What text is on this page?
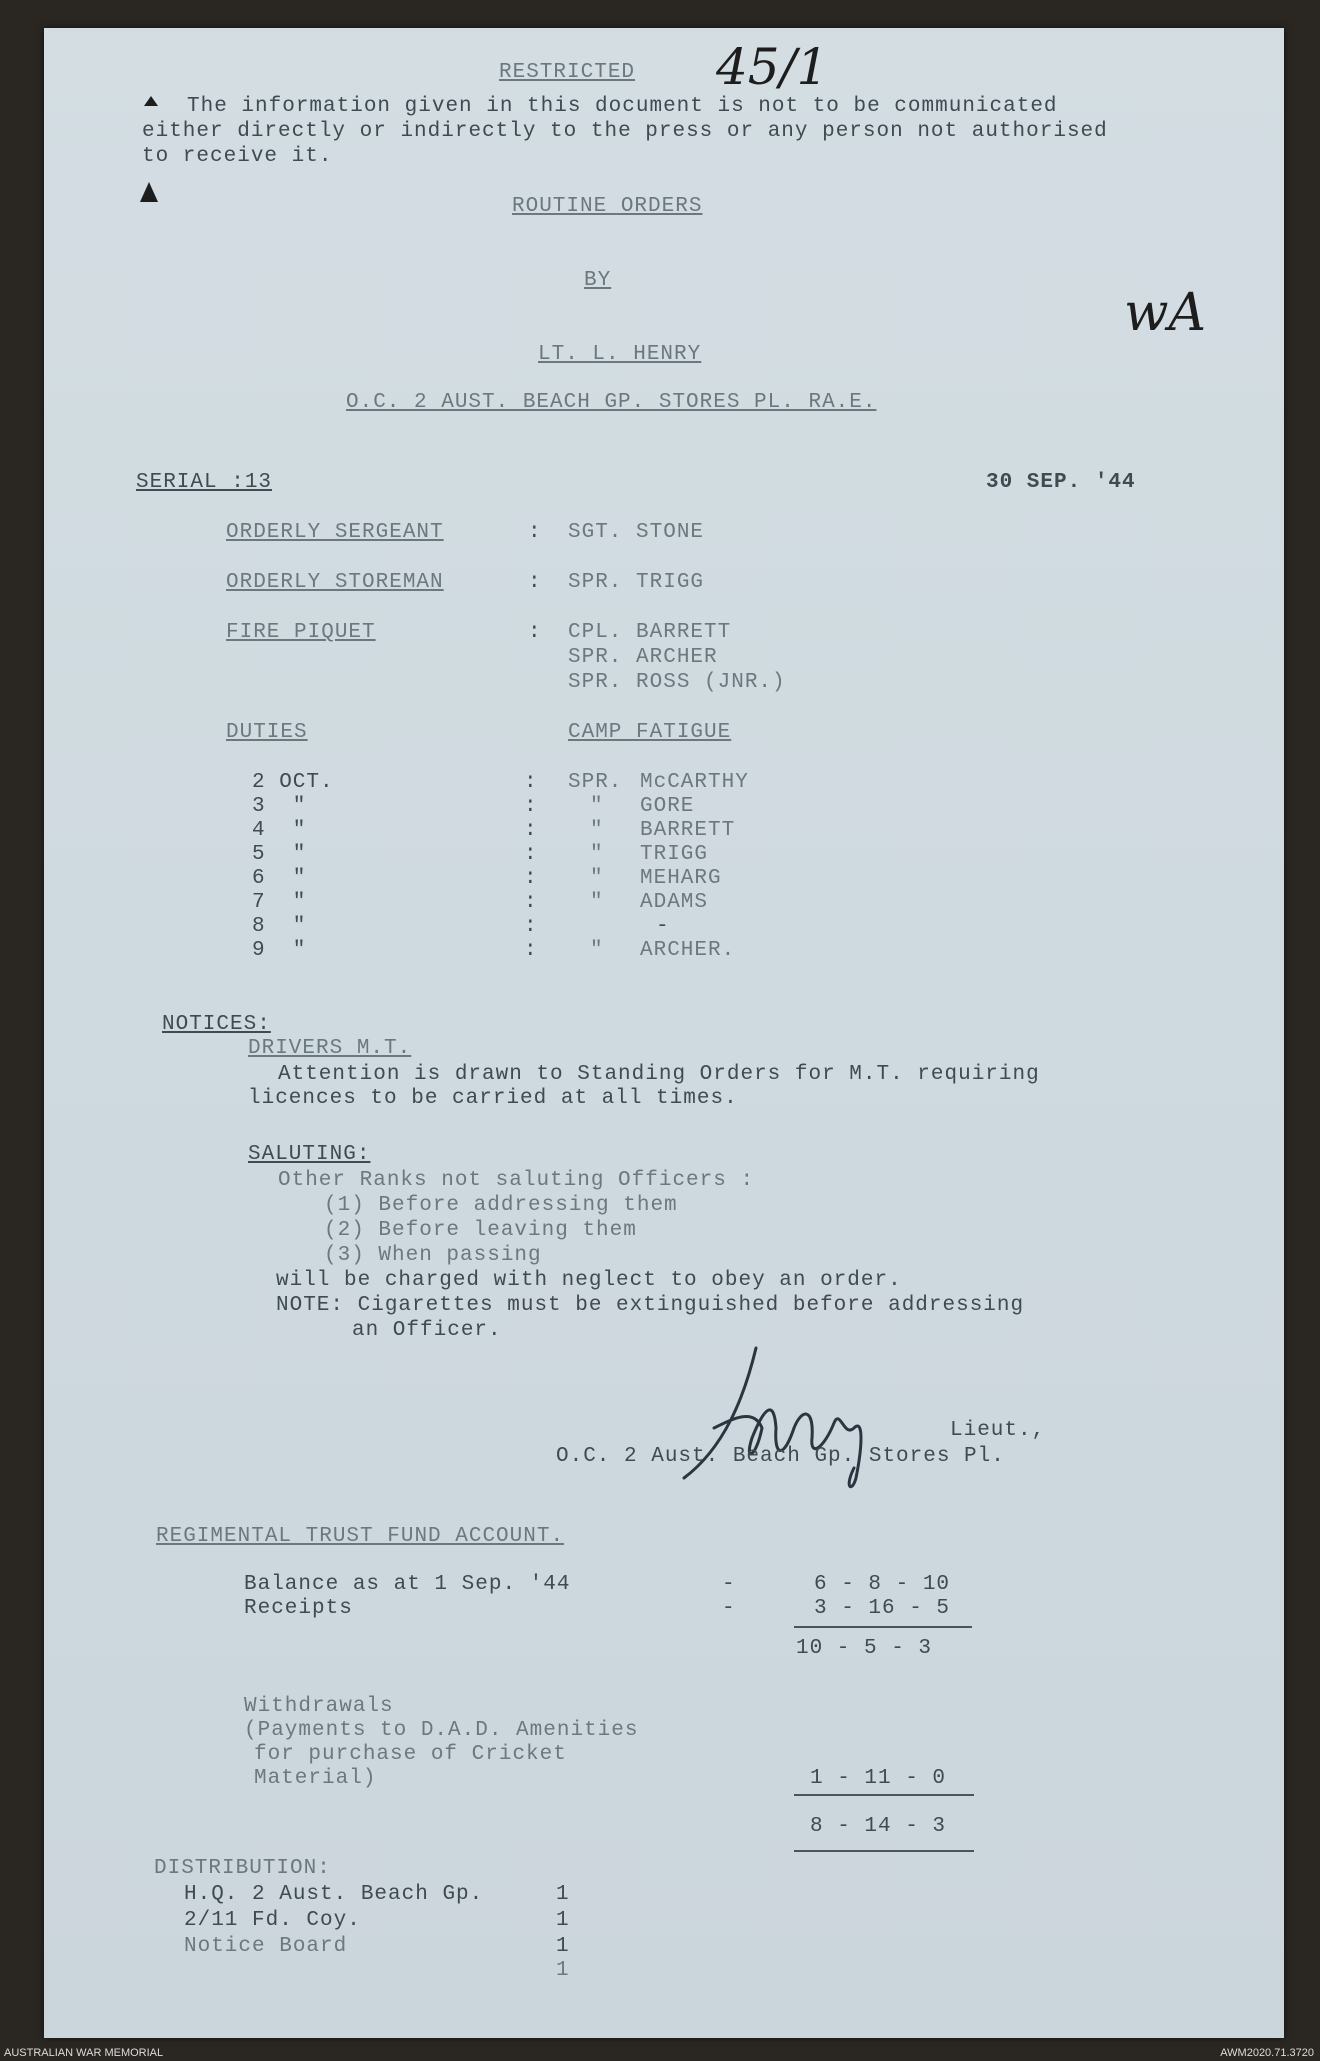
RESTRICTED 45/1
The information given in this document is not to be communicated
either directly or indirectly to the press or any person not authorised
to receive it.
ROUTINE ORDERS
BY
wA
LT. L. HENRY
O.C. 2 AUST. BEACH GP. STORES PL. RA.E.
SERIAL :13	30 SEP. '44
ORDERLY SERGEANT	: SGT. STONE
ORDERLY STOREMAN	: SPR. TRIGG
FIRE PIQUET	: CPL. BARRETT
SPR. ARCHER
SPR. ROSS (JNR.)
DUTIES	CAMP FATIGUE
2 OCT.	: SPR. McCARTHY
3  "	: " GORE
4  "	: " BARRETT
5  "	: " TRIGG
6  "	: " MEHARG
7  "	: " ADAMS
8  "	:	-
9  "	: " ARCHER.
NOTICES:
DRIVERS M.T.
Attention is drawn to Standing Orders for M.T. requiring
licences to be carried at all times.
SALUTING:
Other Ranks not saluting Officers :
(1) Before addressing them
(2) Before leaving them
(3) When passing
will be charged with neglect to obey an order.
NOTE: Cigarettes must be extinguished before addressing
an Officer.
Lieut.,
O.C. 2 Aust. Beach Gp. Stores Pl.
REGIMENTAL TRUST FUND ACCOUNT.
Balance as at 1 Sep. '44	-	6 - 8 - 10
Receipts	-	3 - 16 - 5
10 - 5 - 3
Withdrawals
(Payments to D.A.D. Amenities
for purchase of Cricket
Material)	1 - 11 - 0
8 - 14 - 3
DISTRIBUTION:
H.Q. 2 Aust. Beach Gp.	1
2/11 Fd. Coy.	1
Notice Board	1
1
AUSTRALIAN WAR MEMORIAL	AWM2020.71.3720
